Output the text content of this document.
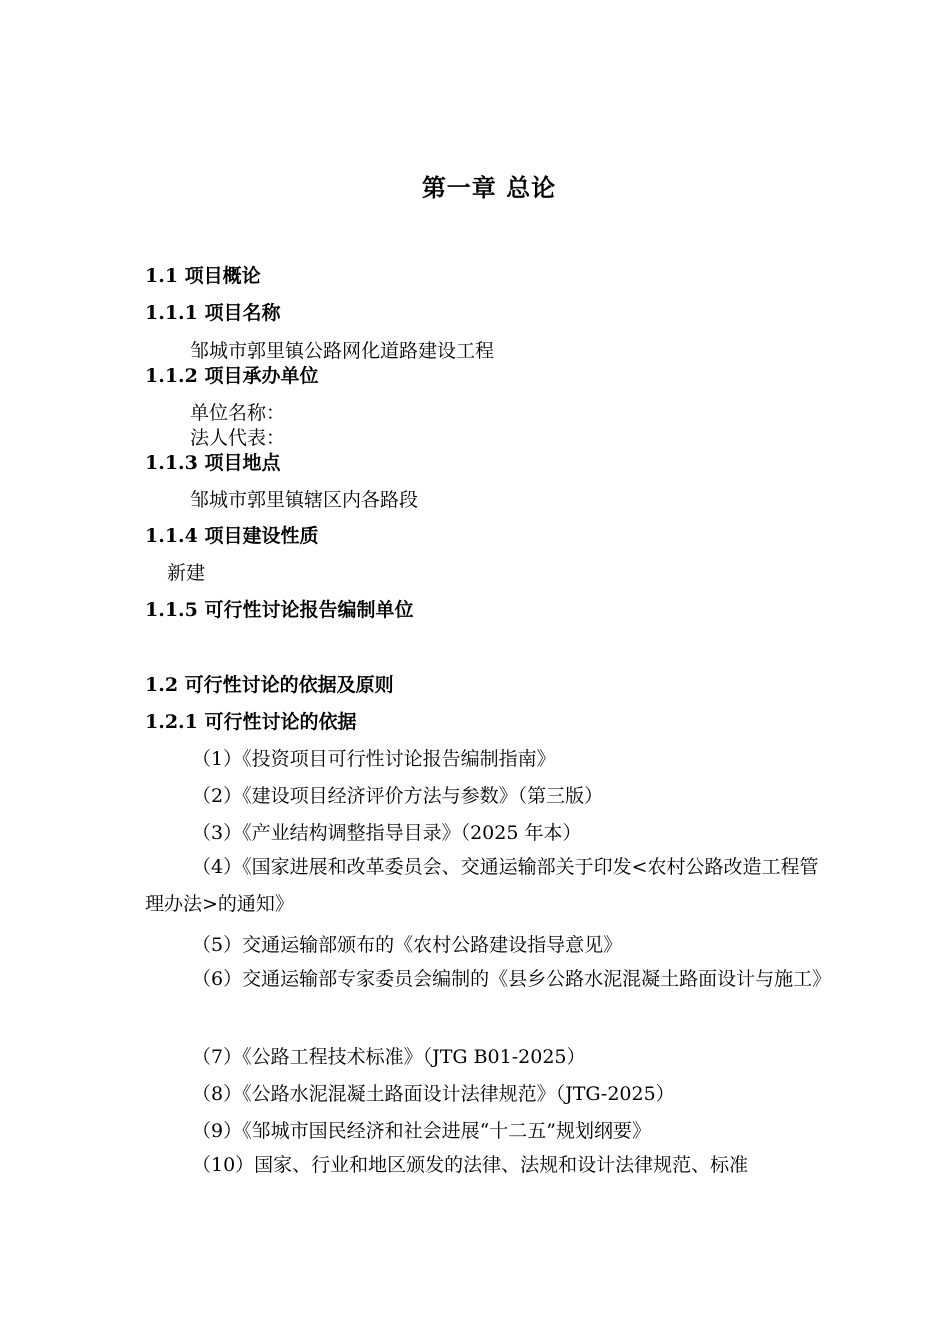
第一章 总论
1.1 项目概论
1.1.1 项目名称
邹城市郭里镇公路网化道路建设工程
1.1.2 项目承办单位
单位名称：
法人代表：
1.1.3 项目地点
邹城市郭里镇辖区内各路段
1.1.4 项目建设性质
新建
1.1.5 可行性讨论报告编制单位
1.2 可行性讨论的依据及原则
1.2.1 可行性讨论的依据
（1）《投资项目可行性讨论报告编制指南》
（2）《建设项目经济评价方法与参数》（第三版）
（3）《产业结构调整指导目录》（2025 年本）
（4）《国家进展和改革委员会、交通运输部关于印发<农村公路改造工程管理办法>的通知》
（5）交通运输部颁布的《农村公路建设指导意见》
（6）交通运输部专家委员会编制的《县乡公路水泥混凝土路面设计与施工》
（7）《公路工程技术标准》（JTG B01-2025）
（8）《公路水泥混凝土路面设计法律规范》（JTG-2025）
（9）《邹城市国民经济和社会进展“十二五”规划纲要》
（10）国家、行业和地区颁发的法律、法规和设计法律规范、标准
